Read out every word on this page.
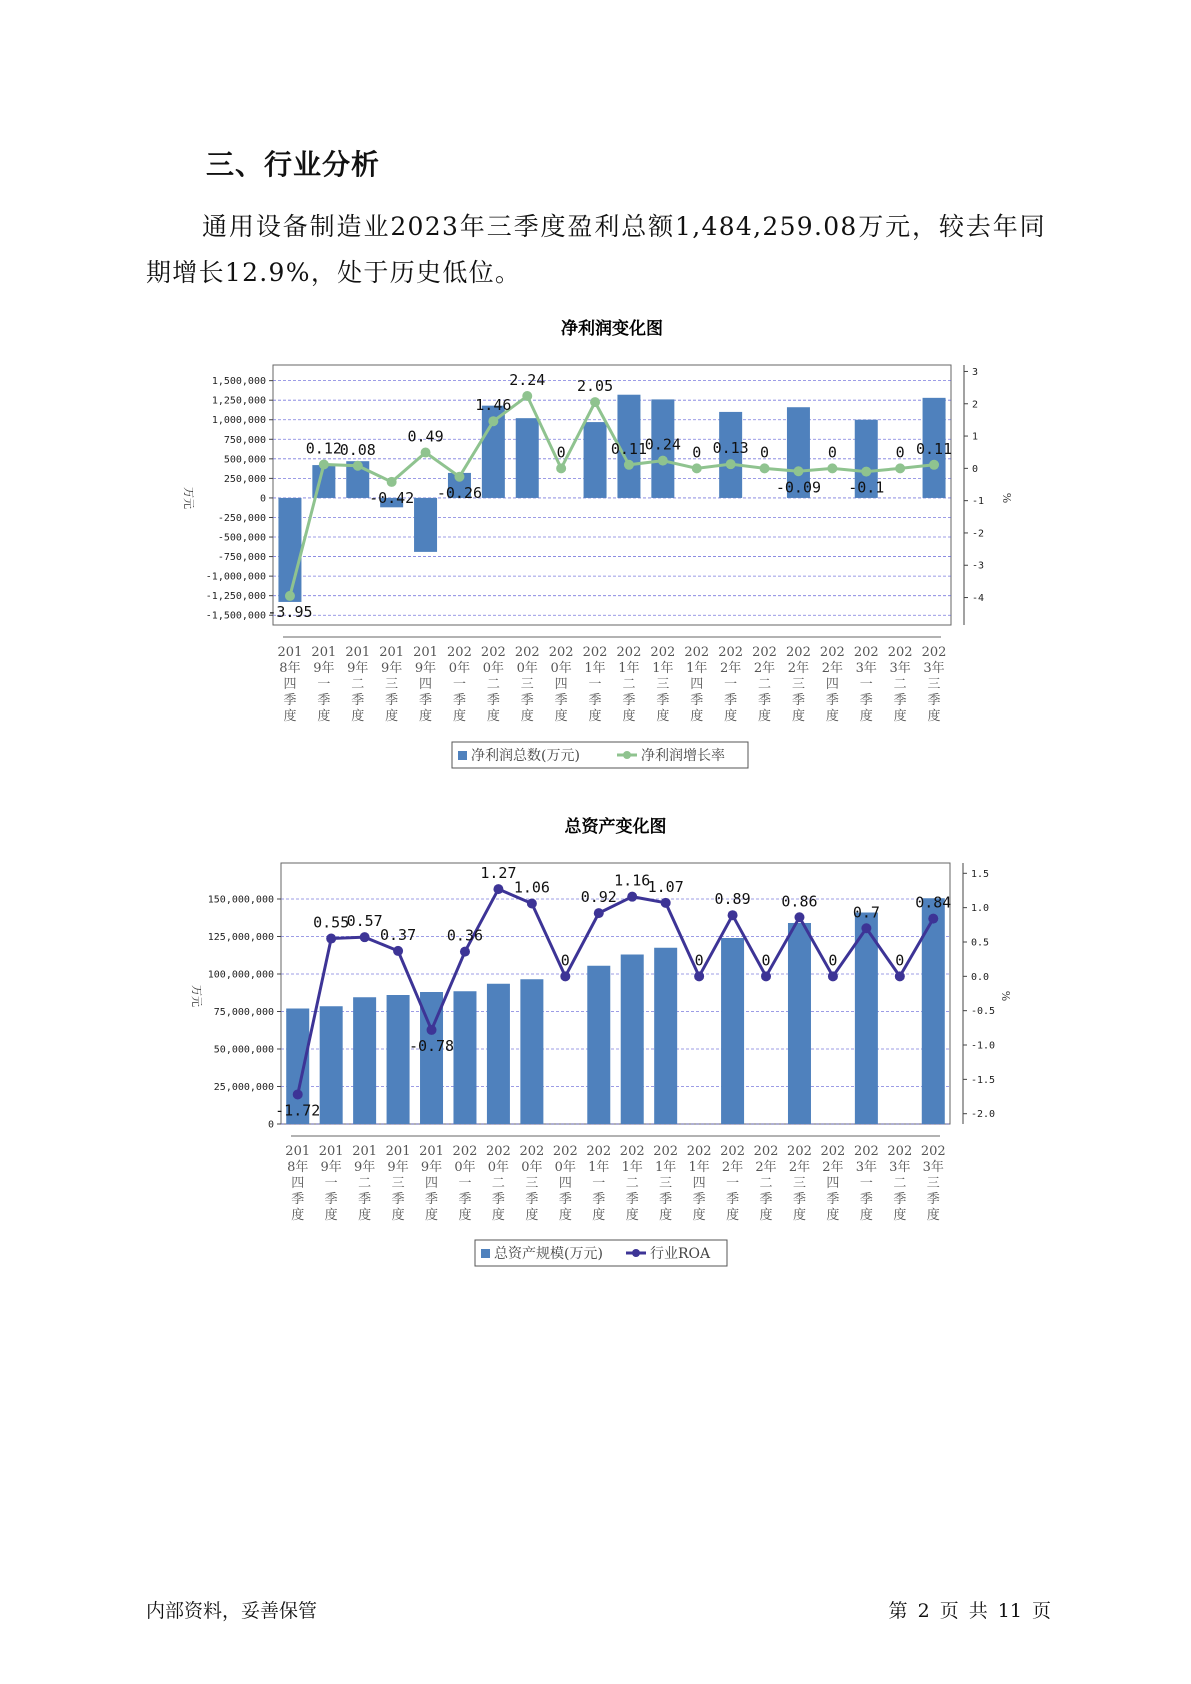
三、行业分析
通用设备制造业2023年三季度盈利总额1,484,259.08万元，较去年同期增长12.9%，处于历史低位。
净利润变化图
1,500,000
1,250,000
1,000,000
750,000
500,000
250,000
0
-250,000
-500,000
-750,000
-1,000,000
-1,250,000
-1,500,000
3
2
1
0
-1
-2
-3
-4
万元	%
201
8年
四
季
度
201
9年
一
季
度
201
9年
二
季
度
201
9年
三
季
度
201
9年
四
季
度
202
0年
一
季
度
202
0年
二
季
度
202
0年
三
季
度
202
0年
四
季
度
202
1年
一
季
度
202
1年
二
季
度
202
1年
三
季
度
202
1年
四
季
度
202
2年
一
季
度
202
2年
二
季
度
202
2年
三
季
度
202
2年
四
季
度
202
3年
一
季
度
202
3年
二
季
度
202
3年
三
季
度
-3.95
0.12
0.08
-0.42
0.49
-0.26
1.46
2.24
0
2.05
0.11
0.24 0 0.13 0
-0.09
0
-0.1
0 0.11
净利润总数(万元)	净利润增长率
总资产变化图
150,000,000
125,000,000
100,000,000
75,000,000
50,000,000
25,000,000
0
1.5
1.0
0.5
0.0
-0.5
-1.0
-1.5
-2.0
万元	%
201
8年
四
季
度
201
9年
一
季
度
201
9年
二
季
度
201
9年
三
季
度
201
9年
四
季
度
202
0年
一
季
度
202
0年
二
季
度
202
0年
三
季
度
202
0年
四
季
度
202
1年
一
季
度
202
1年
二
季
度
202
1年
三
季
度
202
1年
四
季
度
202
2年
一
季
度
202
2年
二
季
度
202
2年
三
季
度
202
2年
四
季
度
202
3年
一
季
度
202
3年
二
季
度
202
3年
三
季
度
-1.72
0.55
0.57
0.37
-0.78
0.36
1.27
1.06
0
0.92
1.16
1.07
0
0.89
0
0.86
0
0.7
0
0.84
总资产规模(万元)	行业ROA
内部资料，妥善保管	第 2 页 共 11 页
